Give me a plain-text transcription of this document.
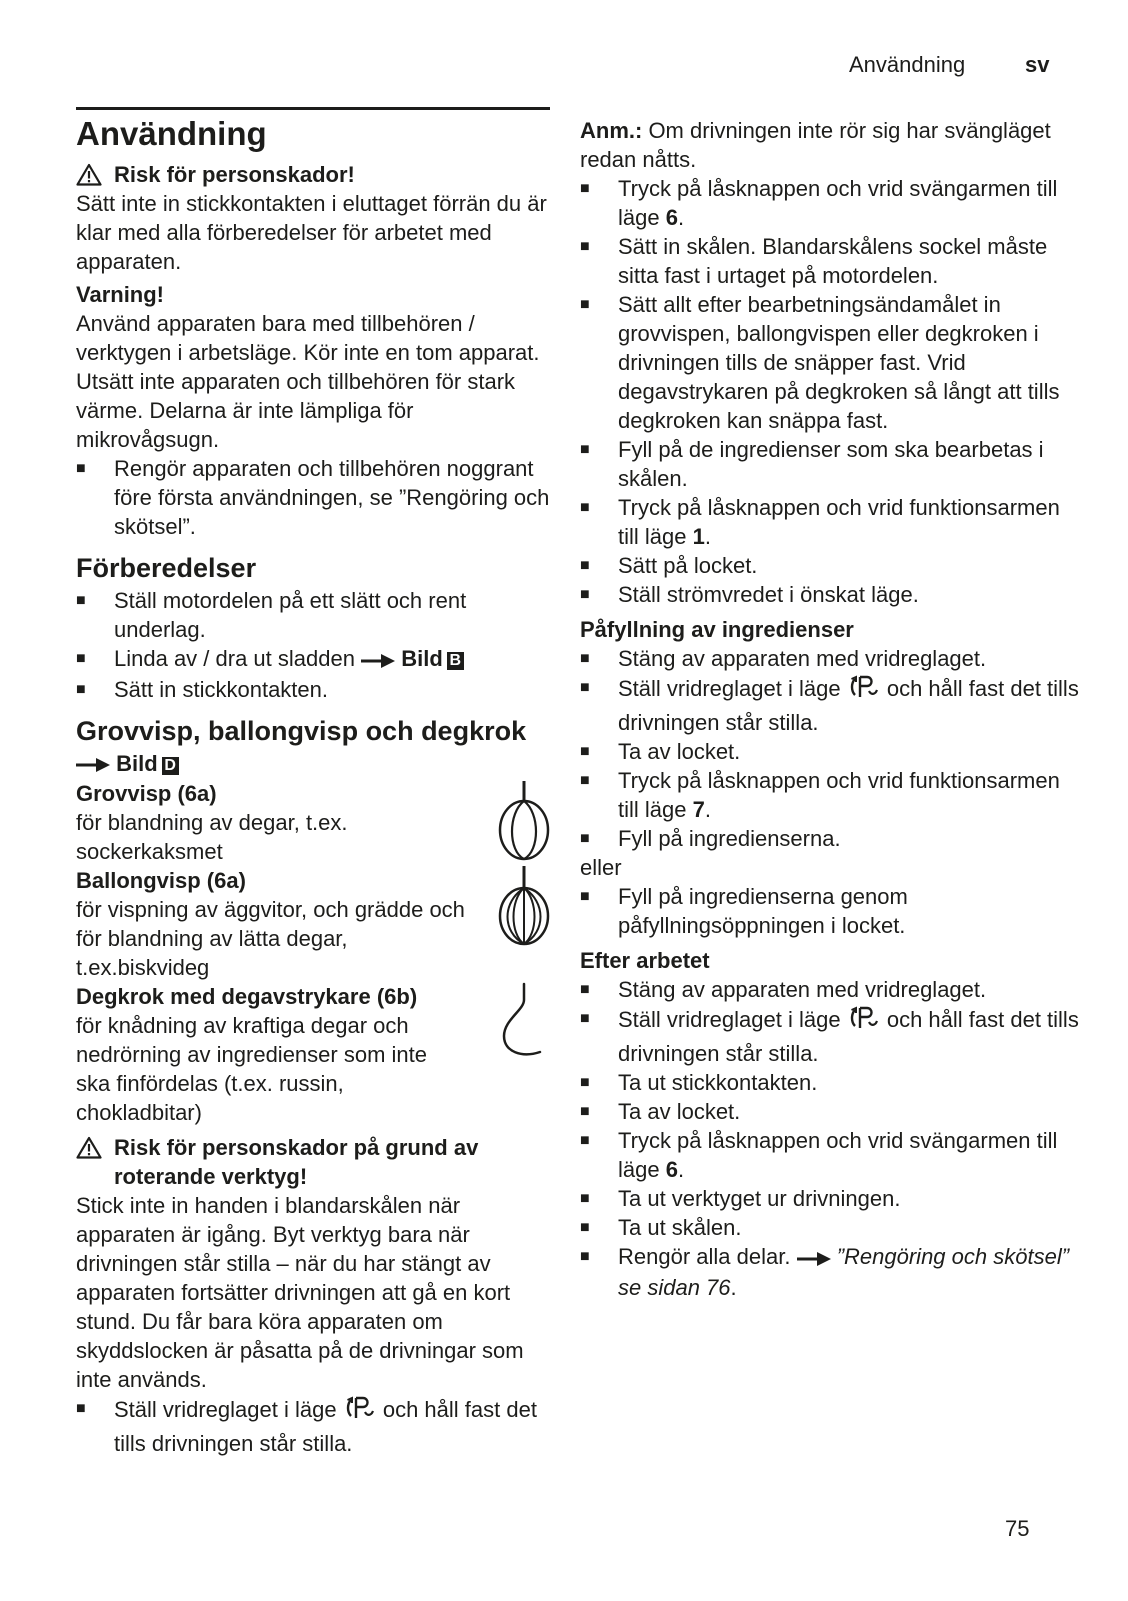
Användning	sv
Användning
Risk för personskador!

Sätt inte in stickkontakten i eluttaget förrän du är klar med alla förberedelser för arbetet med apparaten.

Varning!

Använd apparaten bara med tillbehören / verktygen i arbetsläge. Kör inte en tom apparat. Utsätt inte apparaten och tillbehören för stark värme. Delarna är inte lämpliga för mikrovågsugn.

■ Rengör apparaten och tillbehören noggrant före första användningen, se ”Rengöring och skötsel”.
Förberedelser
■ Ställ motordelen på ett slätt och rent underlag.
■ Linda av / dra ut sladden Bild B
■ Sätt in stickkontakten.
Grovvisp, ballongvisp och degkrok

Bild D

Grovvisp (6a)

för blandning av degar, t.ex. sockerkaksmet

Ballongvisp (6a)

för vispning av äggvitor, och grädde och för blandning av lätta degar, t.ex.biskvideg

Degkrok med degavstrykare (6b)

för knådning av kraftiga degar och nedrörning av ingredienser som inte ska finfördelas (t.ex. russin, chokladbitar)

Risk för personskador på grund av roterande verktyg!

Stick inte in handen i blandarskålen när apparaten är igång. Byt verktyg bara när drivningen står stilla – när du har stängt av apparaten fortsätter drivningen att gå en kort stund. Du får bara köra apparaten om skyddslocken är påsatta på de drivningar som inte används.

■ Ställ vridreglaget i läge och håll fast det tills drivningen står stilla.

Anm.: Om drivningen inte rör sig har svängläget redan nåtts.

■ Tryck på låsknappen och vrid svängarmen till läge 6.
■ Sätt in skålen. Blandarskålens sockel måste sitta fast i urtaget på motordelen.
■ Sätt allt efter bearbetningsändamålet in grovvispen, ballongvispen eller degkroken i drivningen tills de snäpper fast. Vrid degavstrykaren på degkroken så långt att tills degkroken kan snäppa fast.
■ Fyll på de ingredienser som ska bearbetas i skålen.
■ Tryck på låsknappen och vrid funktionsarmen till läge 1.
■ Sätt på locket.
■ Ställ strömvredet i önskat läge.

Påfyllning av ingredienser

■ Stäng av apparaten med vridreglaget.
■ Ställ vridreglaget i läge och håll fast det tills drivningen står stilla.
■ Ta av locket.
■ Tryck på låsknappen och vrid funktionsarmen till läge 7.
■ Fyll på ingredienserna.

eller

■ Fyll på ingredienserna genom påfyllningsöppningen i locket.

Efter arbetet

■ Stäng av apparaten med vridreglaget.
■ Ställ vridreglaget i läge och håll fast det tills drivningen står stilla.
■ Ta ut stickkontakten.
■ Ta av locket.
■ Tryck på låsknappen och vrid svängarmen till läge 6.
■ Ta ut verktyget ur drivningen.
■ Ta ut skålen.
■ Rengör alla delar. ”Rengöring och skötsel” se sidan 76.
75
